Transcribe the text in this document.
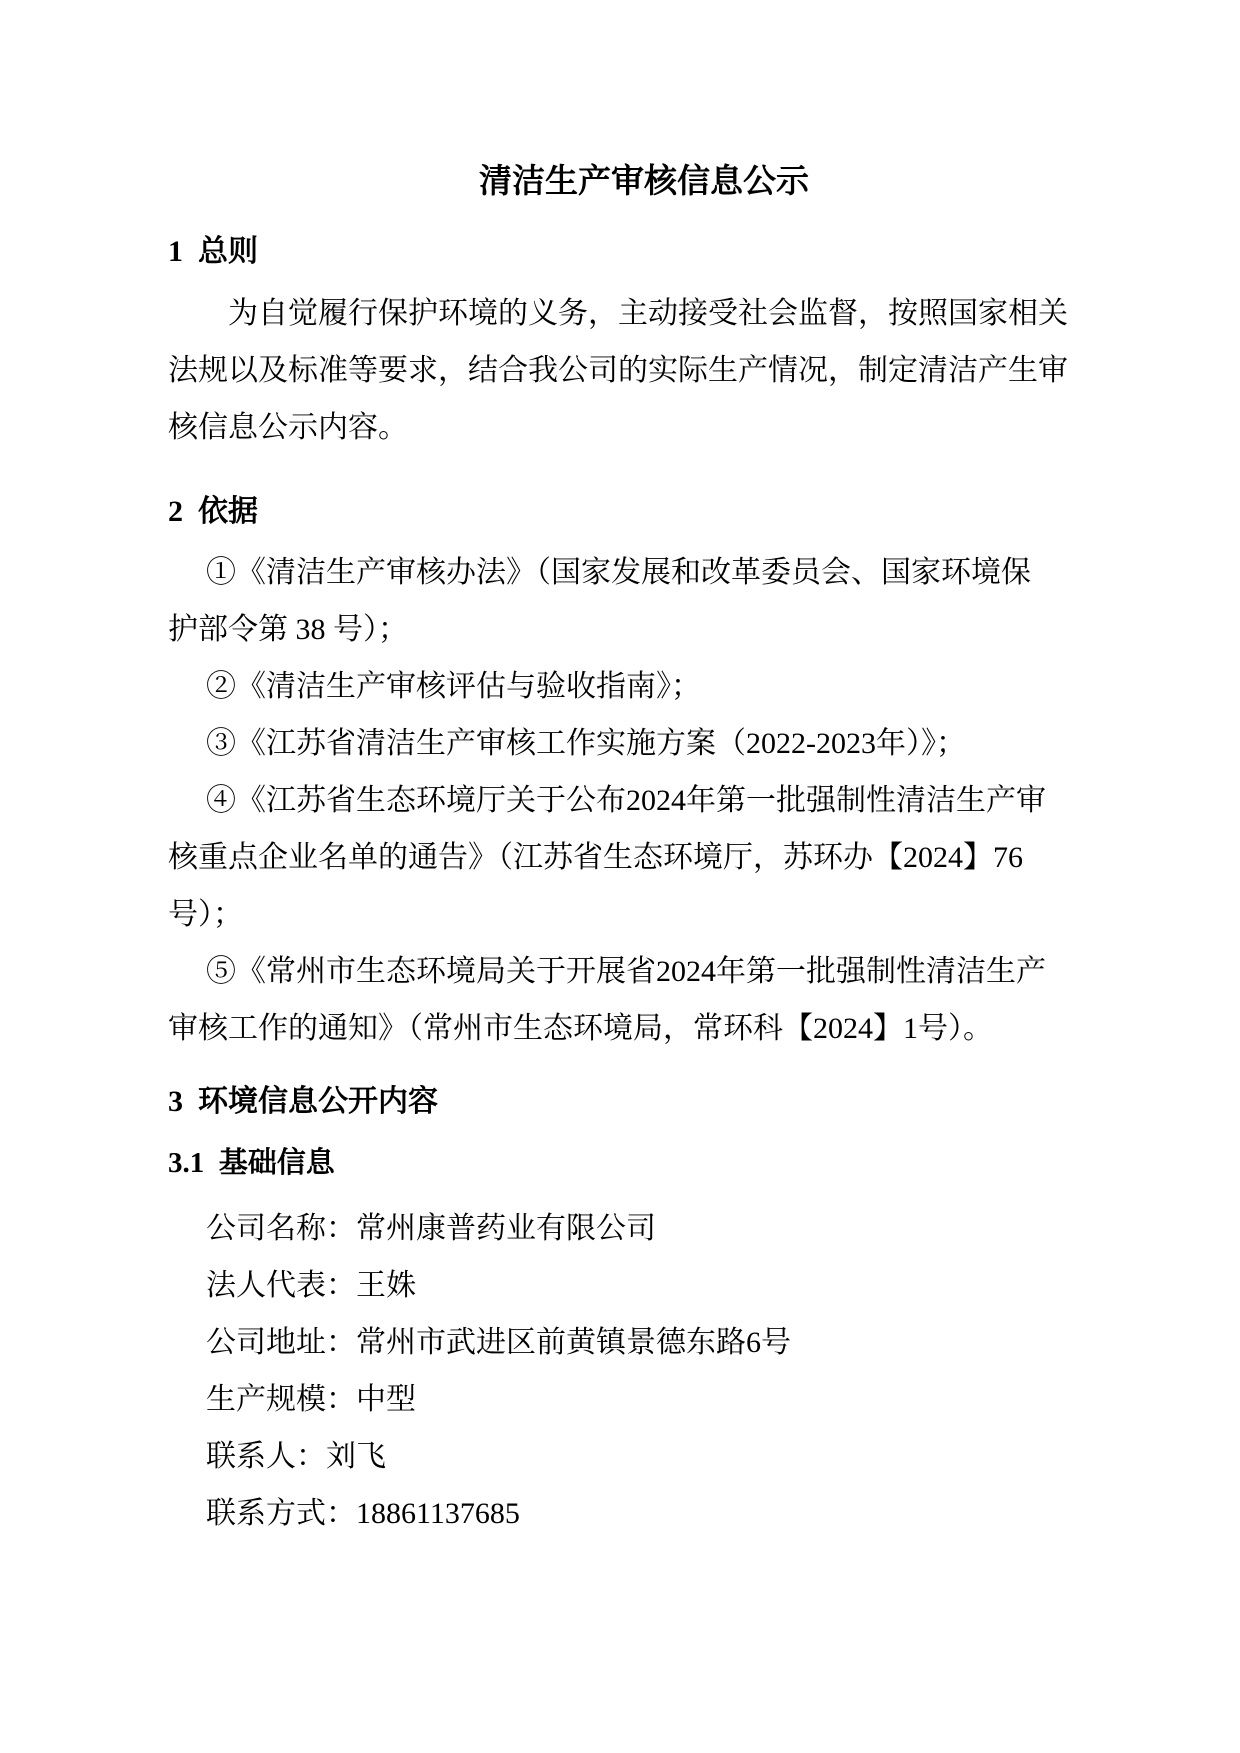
清洁生产审核信息公示
1  总则
为自觉履行保护环境的义务，主动接受社会监督，按照国家相关
法规以及标准等要求，结合我公司的实际生产情况，制定清洁产生审
核信息公示内容。
2  依据
①《清洁生产审核办法》（国家发展和改革委员会、国家环境保
护部令第 38 号）；
②《清洁生产审核评估与验收指南》；
③《江苏省清洁生产审核工作实施方案（2022-2023年）》；
④《江苏省生态环境厅关于公布2024年第一批强制性清洁生产审
核重点企业名单的通告》（江苏省生态环境厅，苏环办【2024】76
号）；
⑤《常州市生态环境局关于开展省2024年第一批强制性清洁生产
审核工作的通知》（常州市生态环境局，常环科【2024】1号）。
3  环境信息公开内容
3.1  基础信息
公司名称：常州康普药业有限公司
法人代表：王姝
公司地址：常州市武进区前黄镇景德东路6号
生产规模：中型
联系人：刘飞
联系方式：18861137685
